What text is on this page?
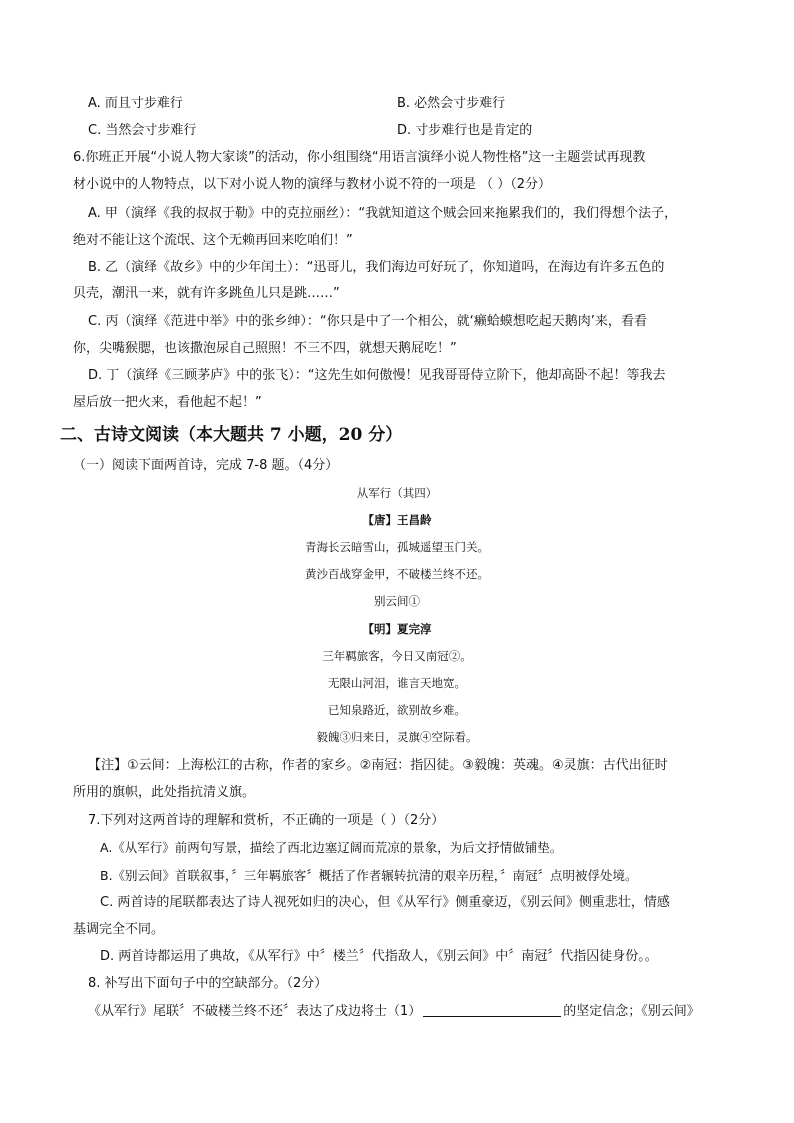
A. 而且寸步难行	B. 必然会寸步难行
C. 当然会寸步难行	D. 寸步难行也是肯定的
6.你班正开展“小说人物大家谈”的活动，你小组围绕“用语言演绎小说人物性格”这一主题尝试再现教
材小说中的人物特点，以下对小说人物的演绎与教材小说不符的一项是 （ ）（2分）
A. 甲（演绎《我的叔叔于勒》中的克拉丽丝）：“我就知道这个贼会回来拖累我们的，我们得想个法子，
绝对不能让这个流氓、这个无赖再回来吃咱们！”
B. 乙（演绎《故乡》中的少年闰土）：“迅哥儿，我们海边可好玩了，你知道吗，在海边有许多五色的
贝壳，潮汛一来，就有许多跳鱼儿只是跳……”
C. 丙（演绎《范进中举》中的张乡绅）：“你只是中了一个相公，就‘癞蛤蟆想吃起天鹅肉’来，看看
你，尖嘴猴腮，也该撒泡尿自己照照！不三不四，就想天鹅屁吃！”
D. 丁（演绎《三顾茅庐》中的张飞）：“这先生如何傲慢！见我哥哥侍立阶下，他却高卧不起！等我去
屋后放一把火来，看他起不起！”
二、古诗文阅读（本大题共 7 小题，20 分）
（一）阅读下面两首诗，完成 7-8 题。（4分）
从军行（其四）
【唐】王昌龄
青海长云暗雪山，孤城遥望玉门关。
黄沙百战穿金甲，不破楼兰终不还。
别云间①
【明】夏完淳
三年羁旅客，今日又南冠②。
无限山河泪，谁言天地宽。
已知泉路近，欲别故乡难。
毅魄③归来日，灵旗④空际看。
【注】①云间：上海松江的古称，作者的家乡。②南冠：指囚徒。③毅魄：英魂。④灵旗：古代出征时
所用的旗帜，此处指抗清义旗。
7.下列对这两首诗的理解和赏析，不正确的一项是（ ）（2分）
A.《从军行》前两句写景，描绘了西北边塞辽阔而荒凉的景象，为后文抒情做铺垫。
B.《别云间》首联叙事，〞三年羁旅客〞概括了作者辗转抗清的艰辛历程，〞南冠〞点明被俘处境。
C. 两首诗的尾联都表达了诗人视死如归的决心，但《从军行》侧重豪迈，《别云间》侧重悲壮，情感
基调完全不同。
D. 两首诗都运用了典故，《从军行》中〞楼兰〞代指敌人，《别云间》中〞南冠〞代指囚徒身份。。
8. 补写出下面句子中的空缺部分。（2分）
《从军行》尾联〞不破楼兰终不还〞表达了戍边将士（1）	的坚定信念；《别云间》
